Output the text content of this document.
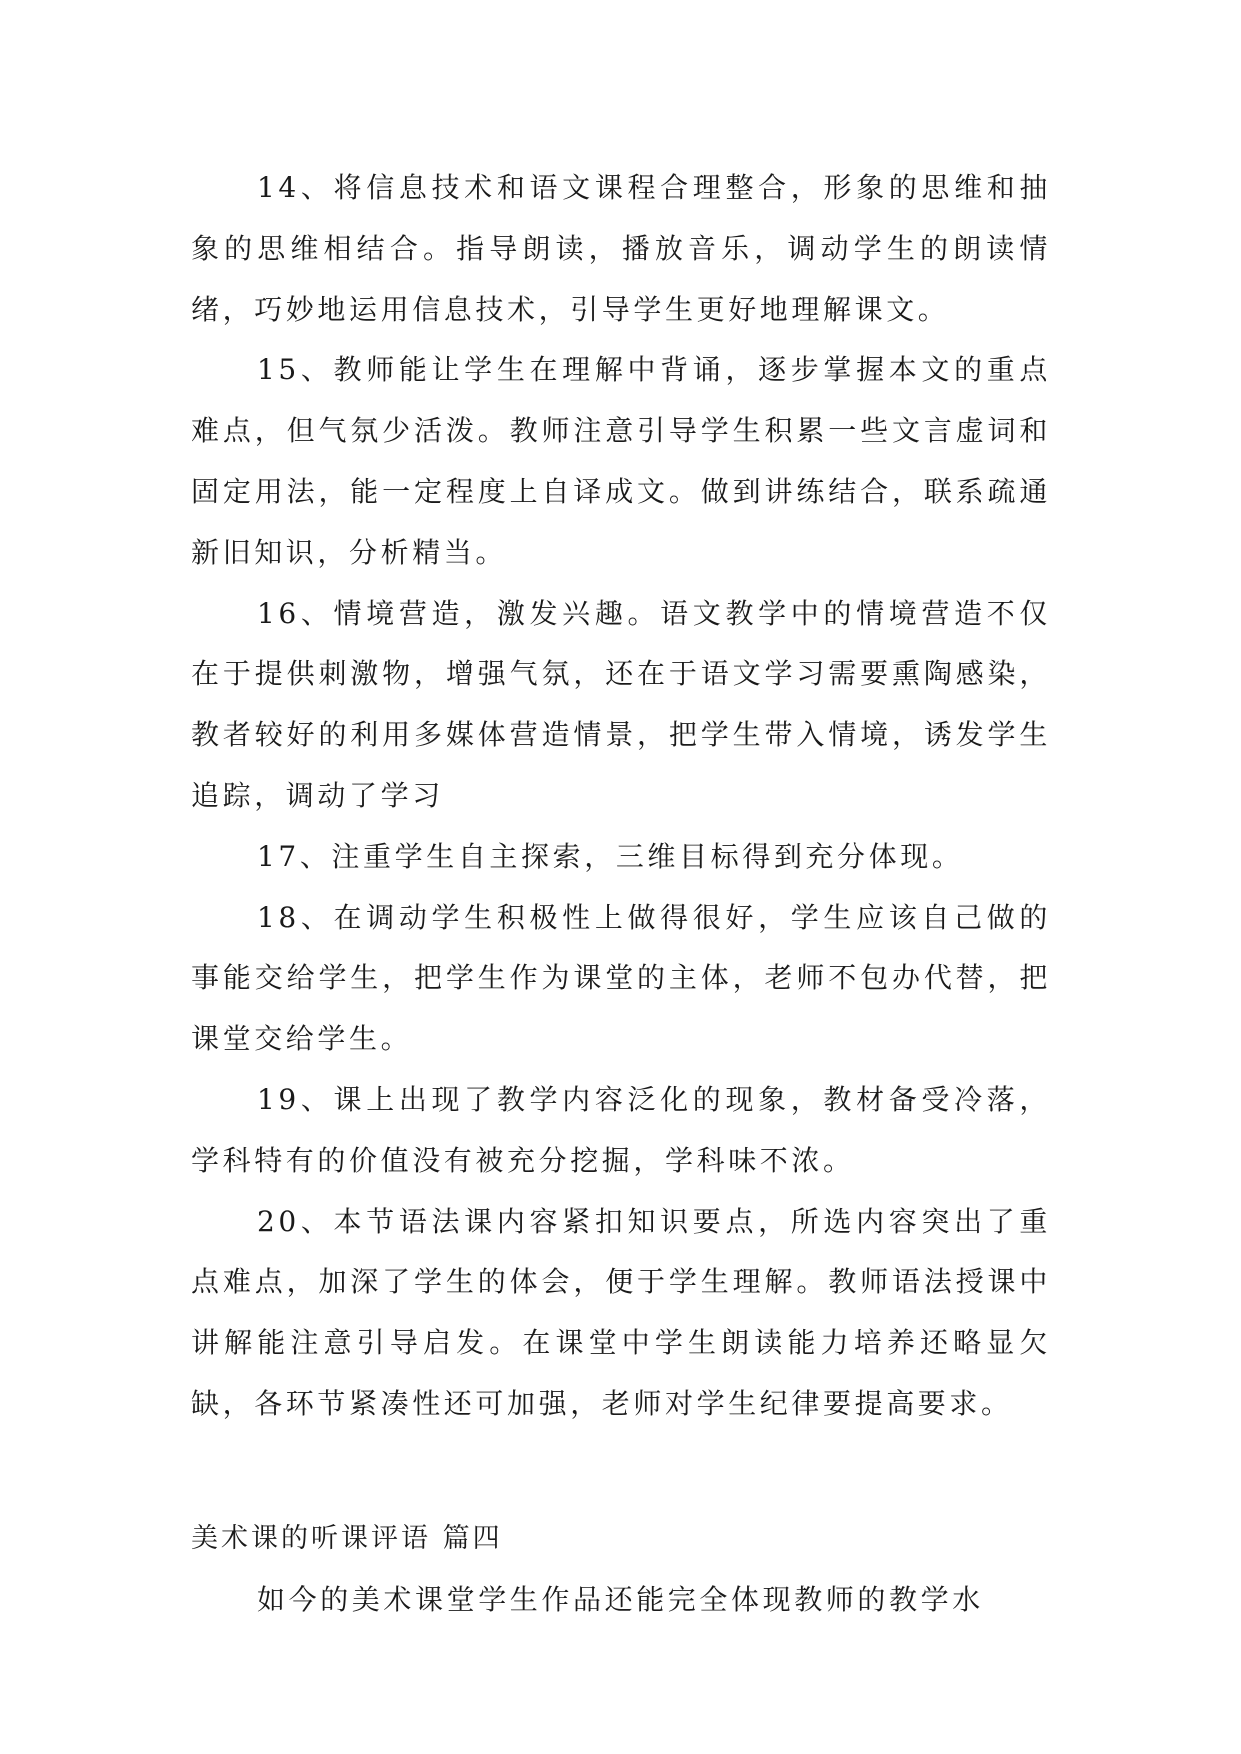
14、将信息技术和语文课程合理整合，形象的思维和抽象的思维相结合。指导朗读，播放音乐，调动学生的朗读情绪，巧妙地运用信息技术，引导学生更好地理解课文。

15、教师能让学生在理解中背诵，逐步掌握本文的重点难点，但气氛少活泼。教师注意引导学生积累一些文言虚词和固定用法，能一定程度上自译成文。做到讲练结合，联系疏通新旧知识，分析精当。

16、情境营造，激发兴趣。语文教学中的情境营造不仅在于提供刺激物，增强气氛，还在于语文学习需要熏陶感染，教者较好的利用多媒体营造情景，把学生带入情境，诱发学生追踪，调动了学习

17、注重学生自主探索，三维目标得到充分体现。

18、在调动学生积极性上做得很好，学生应该自己做的事能交给学生，把学生作为课堂的主体，老师不包办代替，把课堂交给学生。

19、课上出现了教学内容泛化的现象，教材备受冷落，学科特有的价值没有被充分挖掘，学科味不浓。

20、本节语法课内容紧扣知识要点，所选内容突出了重点难点，加深了学生的体会，便于学生理解。教师语法授课中讲解能注意引导启发。在课堂中学生朗读能力培养还略显欠缺，各环节紧凑性还可加强，老师对学生纪律要提高要求。

美术课的听课评语 篇四

如今的美术课堂学生作品还能完全体现教师的教学水
